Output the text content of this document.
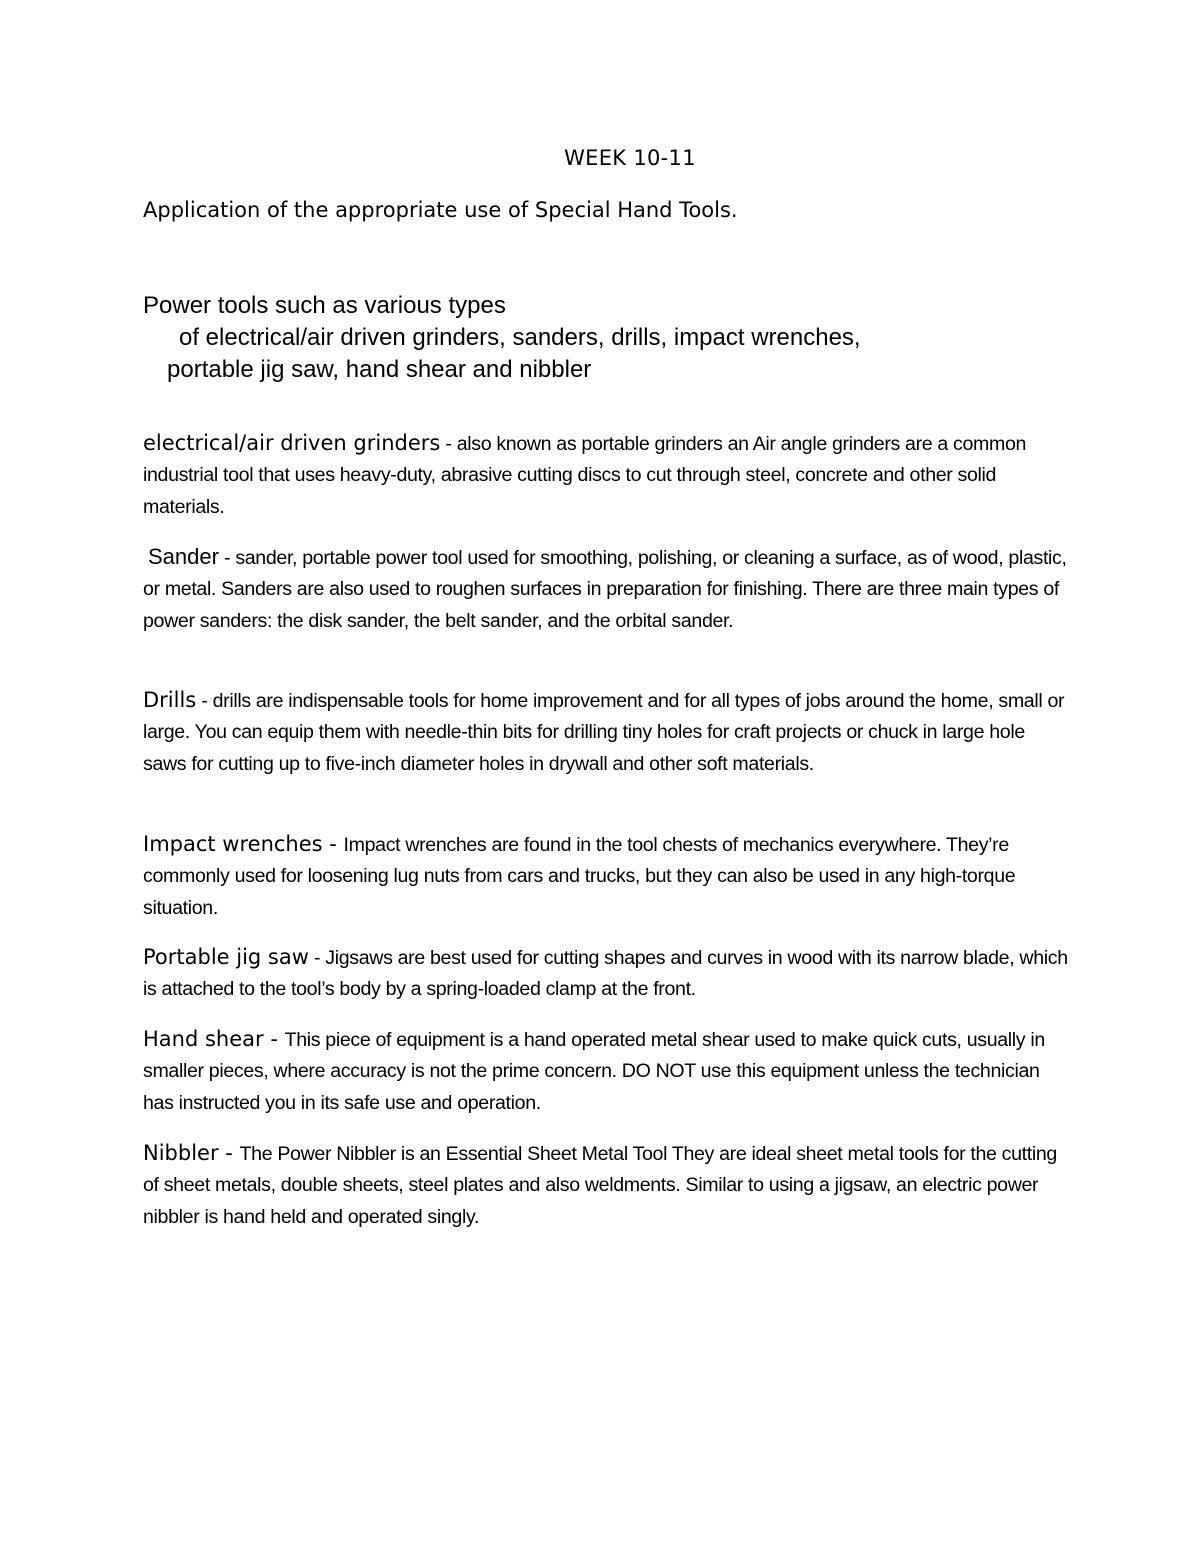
WEEK 10-11
Application of the appropriate use of Special Hand Tools.
Power tools such as various types
of electrical/air driven grinders, sanders, drills, impact wrenches,
portable jig saw, hand shear and nibbler

electrical/air driven grinders - also known as portable grinders an Air angle grinders are a common industrial tool that uses heavy-duty, abrasive cutting discs to cut through steel, concrete and other solid materials.

Sander - sander, portable power tool used for smoothing, polishing, or cleaning a surface, as of wood, plastic, or metal. Sanders are also used to roughen surfaces in preparation for finishing. There are three main types of power sanders: the disk sander, the belt sander, and the orbital sander.

Drills - drills are indispensable tools for home improvement and for all types of jobs around the home, small or large. You can equip them with needle-thin bits for drilling tiny holes for craft projects or chuck in large hole saws for cutting up to five-inch diameter holes in drywall and other soft materials.

Impact wrenches - Impact wrenches are found in the tool chests of mechanics everywhere. They’re commonly used for loosening lug nuts from cars and trucks, but they can also be used in any high-torque situation.

Portable jig saw - Jigsaws are best used for cutting shapes and curves in wood with its narrow blade, which is attached to the tool’s body by a spring-loaded clamp at the front.

Hand shear - This piece of equipment is a hand operated metal shear used to make quick cuts, usually in smaller pieces, where accuracy is not the prime concern. DO NOT use this equipment unless the technician has instructed you in its safe use and operation.

Nibbler - The Power Nibbler is an Essential Sheet Metal Tool They are ideal sheet metal tools for the cutting of sheet metals, double sheets, steel plates and also weldments. Similar to using a jigsaw, an electric power nibbler is hand held and operated singly.
